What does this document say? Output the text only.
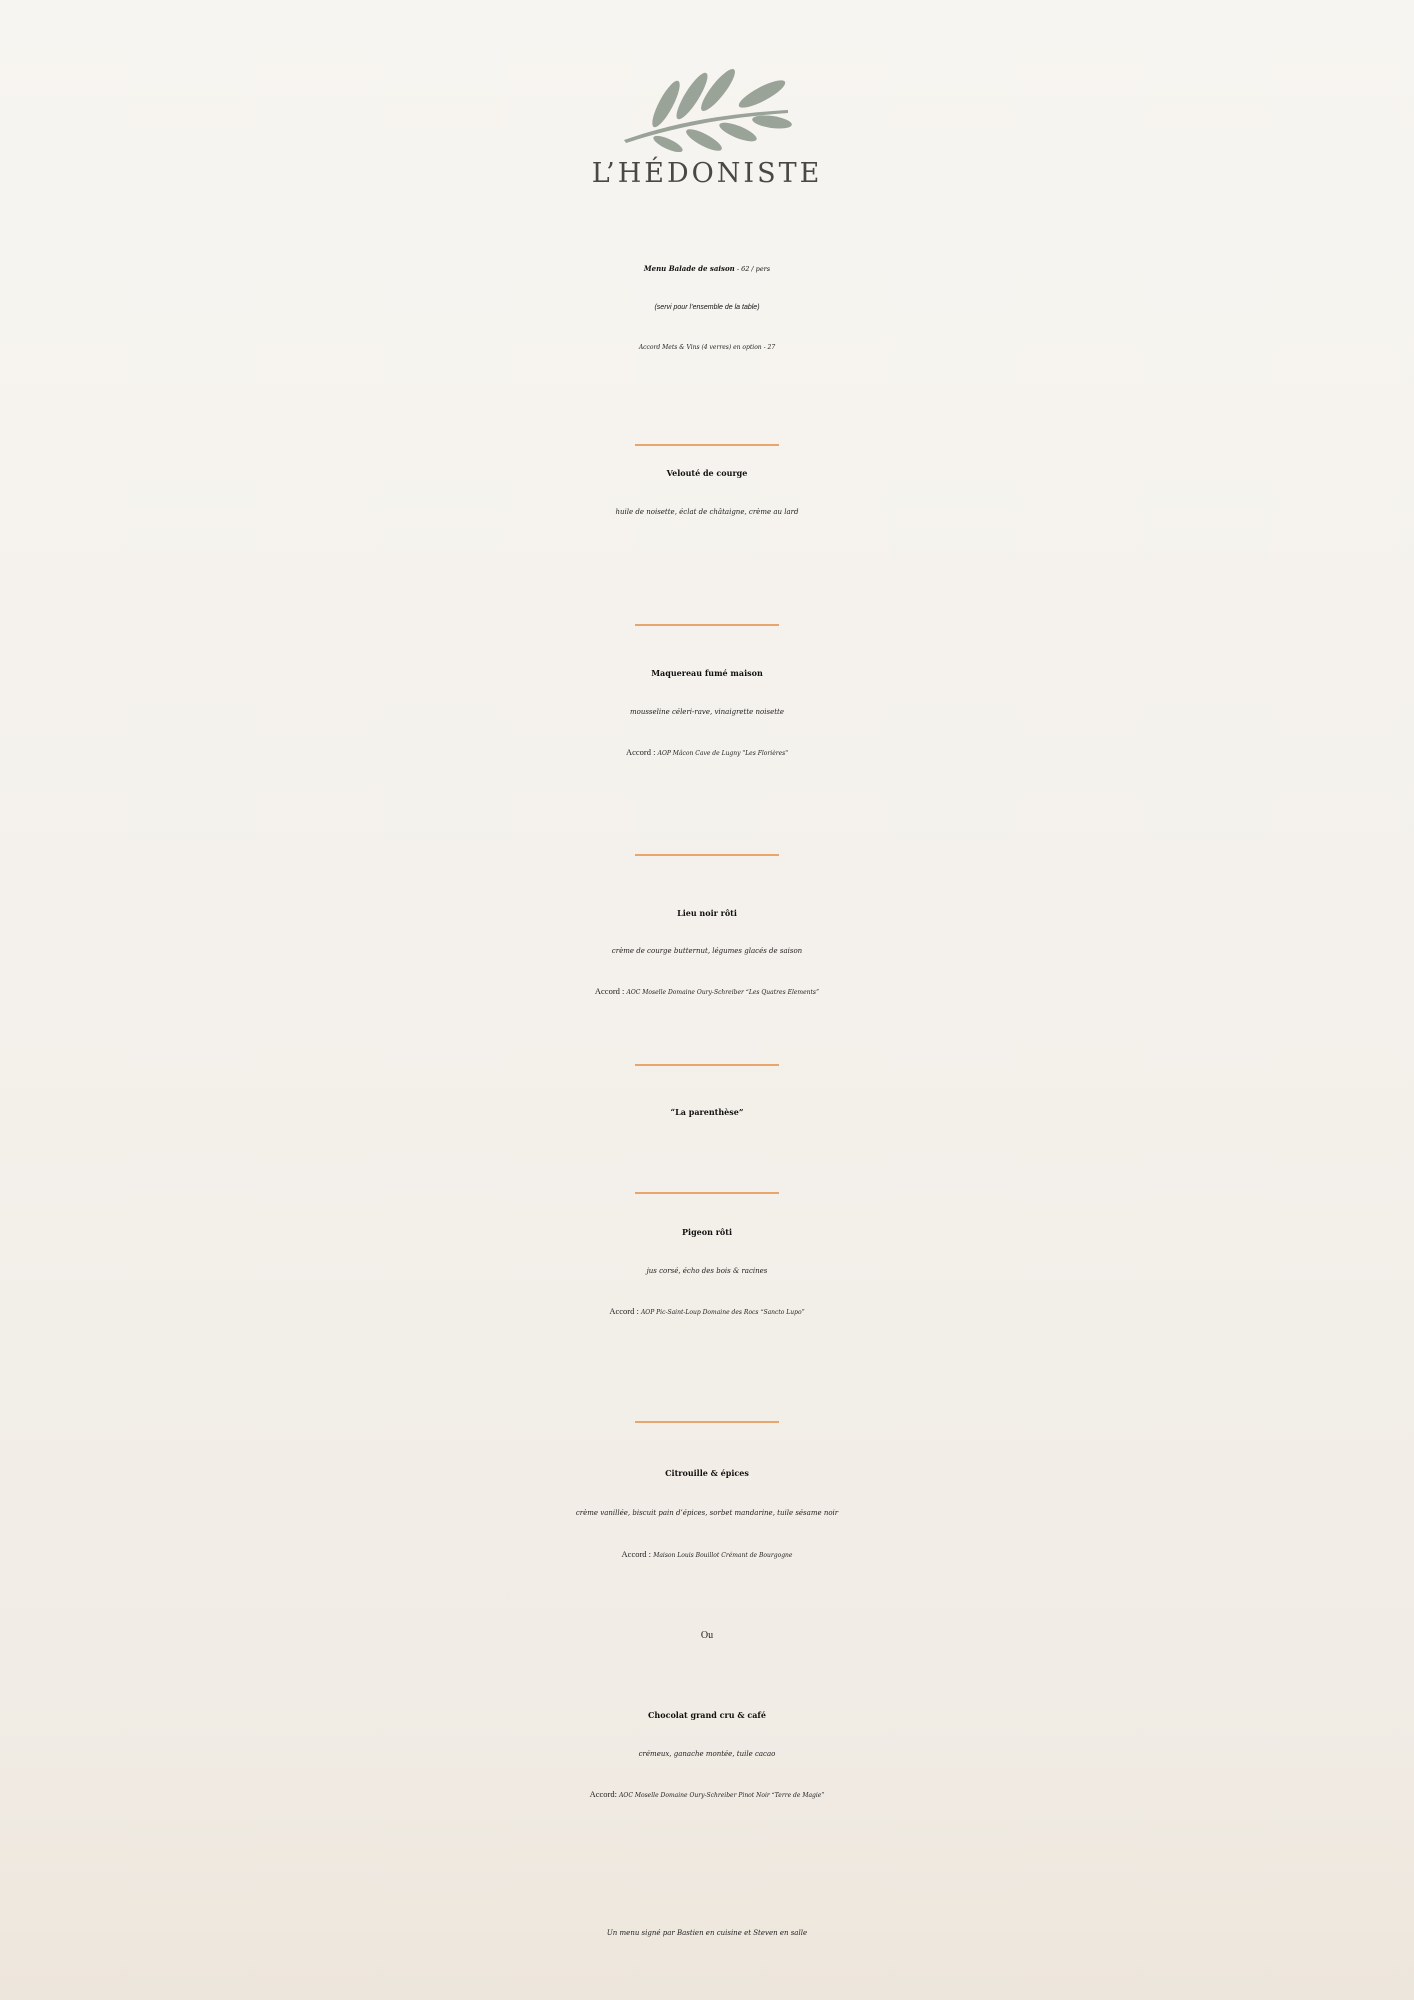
L’HÉDONISTE
Menu Balade de saison - 62 / pers
(servi pour l’ensemble de la table)
Accord Mets & Vins (4 verres) en option - 27
Velouté de courge
huile de noisette, éclat de châtaigne, crème au lard
Maquereau fumé maison
mousseline céleri-rave, vinaigrette noisette
Accord : AOP Mâcon Cave de Lugny "Les Florières"
Lieu noir rôti
crème de courge butternut, légumes glacés de saison
Accord : AOC Moselle Domaine Oury-Schreiber “Les Quatres Elements”
“La parenthèse”
Pigeon rôti
jus corsé, écho des bois & racines
Accord : AOP Pic-Saint-Loup Domaine des Rocs “Sancto Lupo”
Citrouille & épices
crème vanillée, biscuit pain d’épices, sorbet mandarine, tuile sésame noir
Accord : Maison Louis Bouillot Crémant de Bourgogne
Ou
Chocolat grand cru & café
crémeux, ganache montée, tuile cacao
Accord: AOC Moselle Domaine Oury-Schreiber Pinot Noir “Terre de Magie”
Un menu signé par Bastien en cuisine et Steven en salle
